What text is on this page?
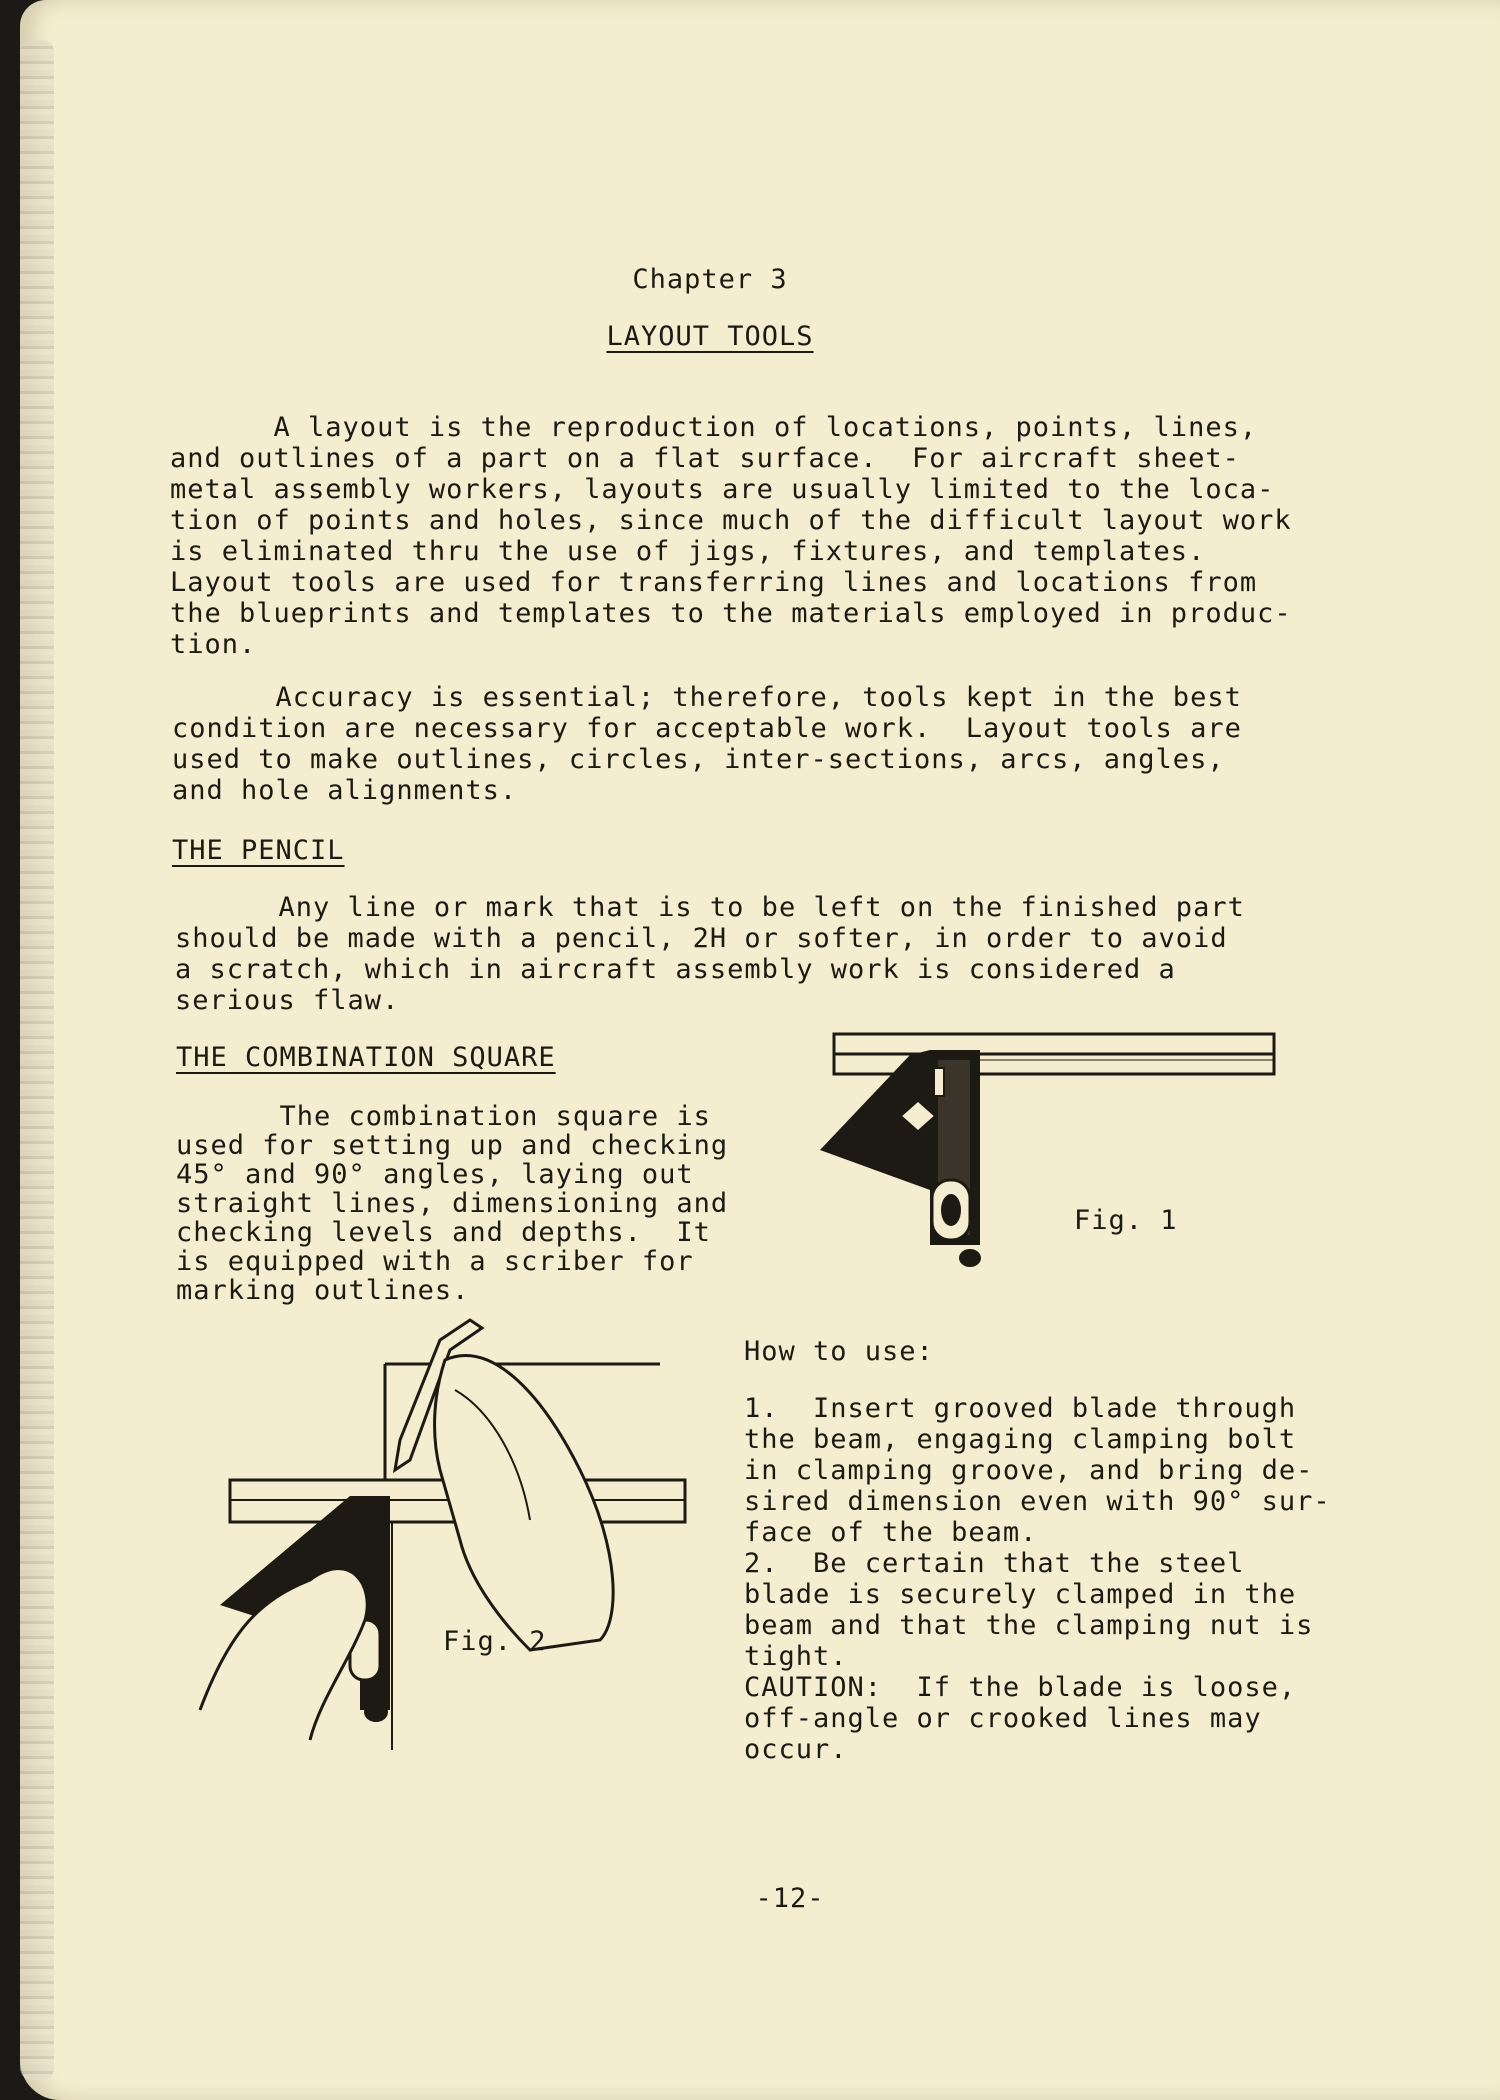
Chapter 3
LAYOUT TOOLS
A layout is the reproduction of locations, points, lines,
and outlines of a part on a flat surface.  For aircraft sheet-
metal assembly workers, layouts are usually limited to the loca-
tion of points and holes, since much of the difficult layout work
is eliminated thru the use of jigs, fixtures, and templates.
Layout tools are used for transferring lines and locations from
the blueprints and templates to the materials employed in produc-
tion.
Accuracy is essential; therefore, tools kept in the best
condition are necessary for acceptable work.  Layout tools are
used to make outlines, circles, inter-sections, arcs, angles,
and hole alignments.
THE PENCIL
Any line or mark that is to be left on the finished part
should be made with a pencil, 2H or softer, in order to avoid
a scratch, which in aircraft assembly work is considered a
serious flaw.
THE COMBINATION SQUARE
The combination square is
used for setting up and checking
45° and 90° angles, laying out
straight lines, dimensioning and
checking levels and depths.  It
is equipped with a scriber for
marking outlines.
Fig. 1
Fig. 2
How to use:
1.  Insert grooved blade through
the beam, engaging clamping bolt
in clamping groove, and bring de-
sired dimension even with 90° sur-
face of the beam.
2.  Be certain that the steel
blade is securely clamped in the
beam and that the clamping nut is
tight.
CAUTION:  If the blade is loose,
off-angle or crooked lines may
occur.
-12-
